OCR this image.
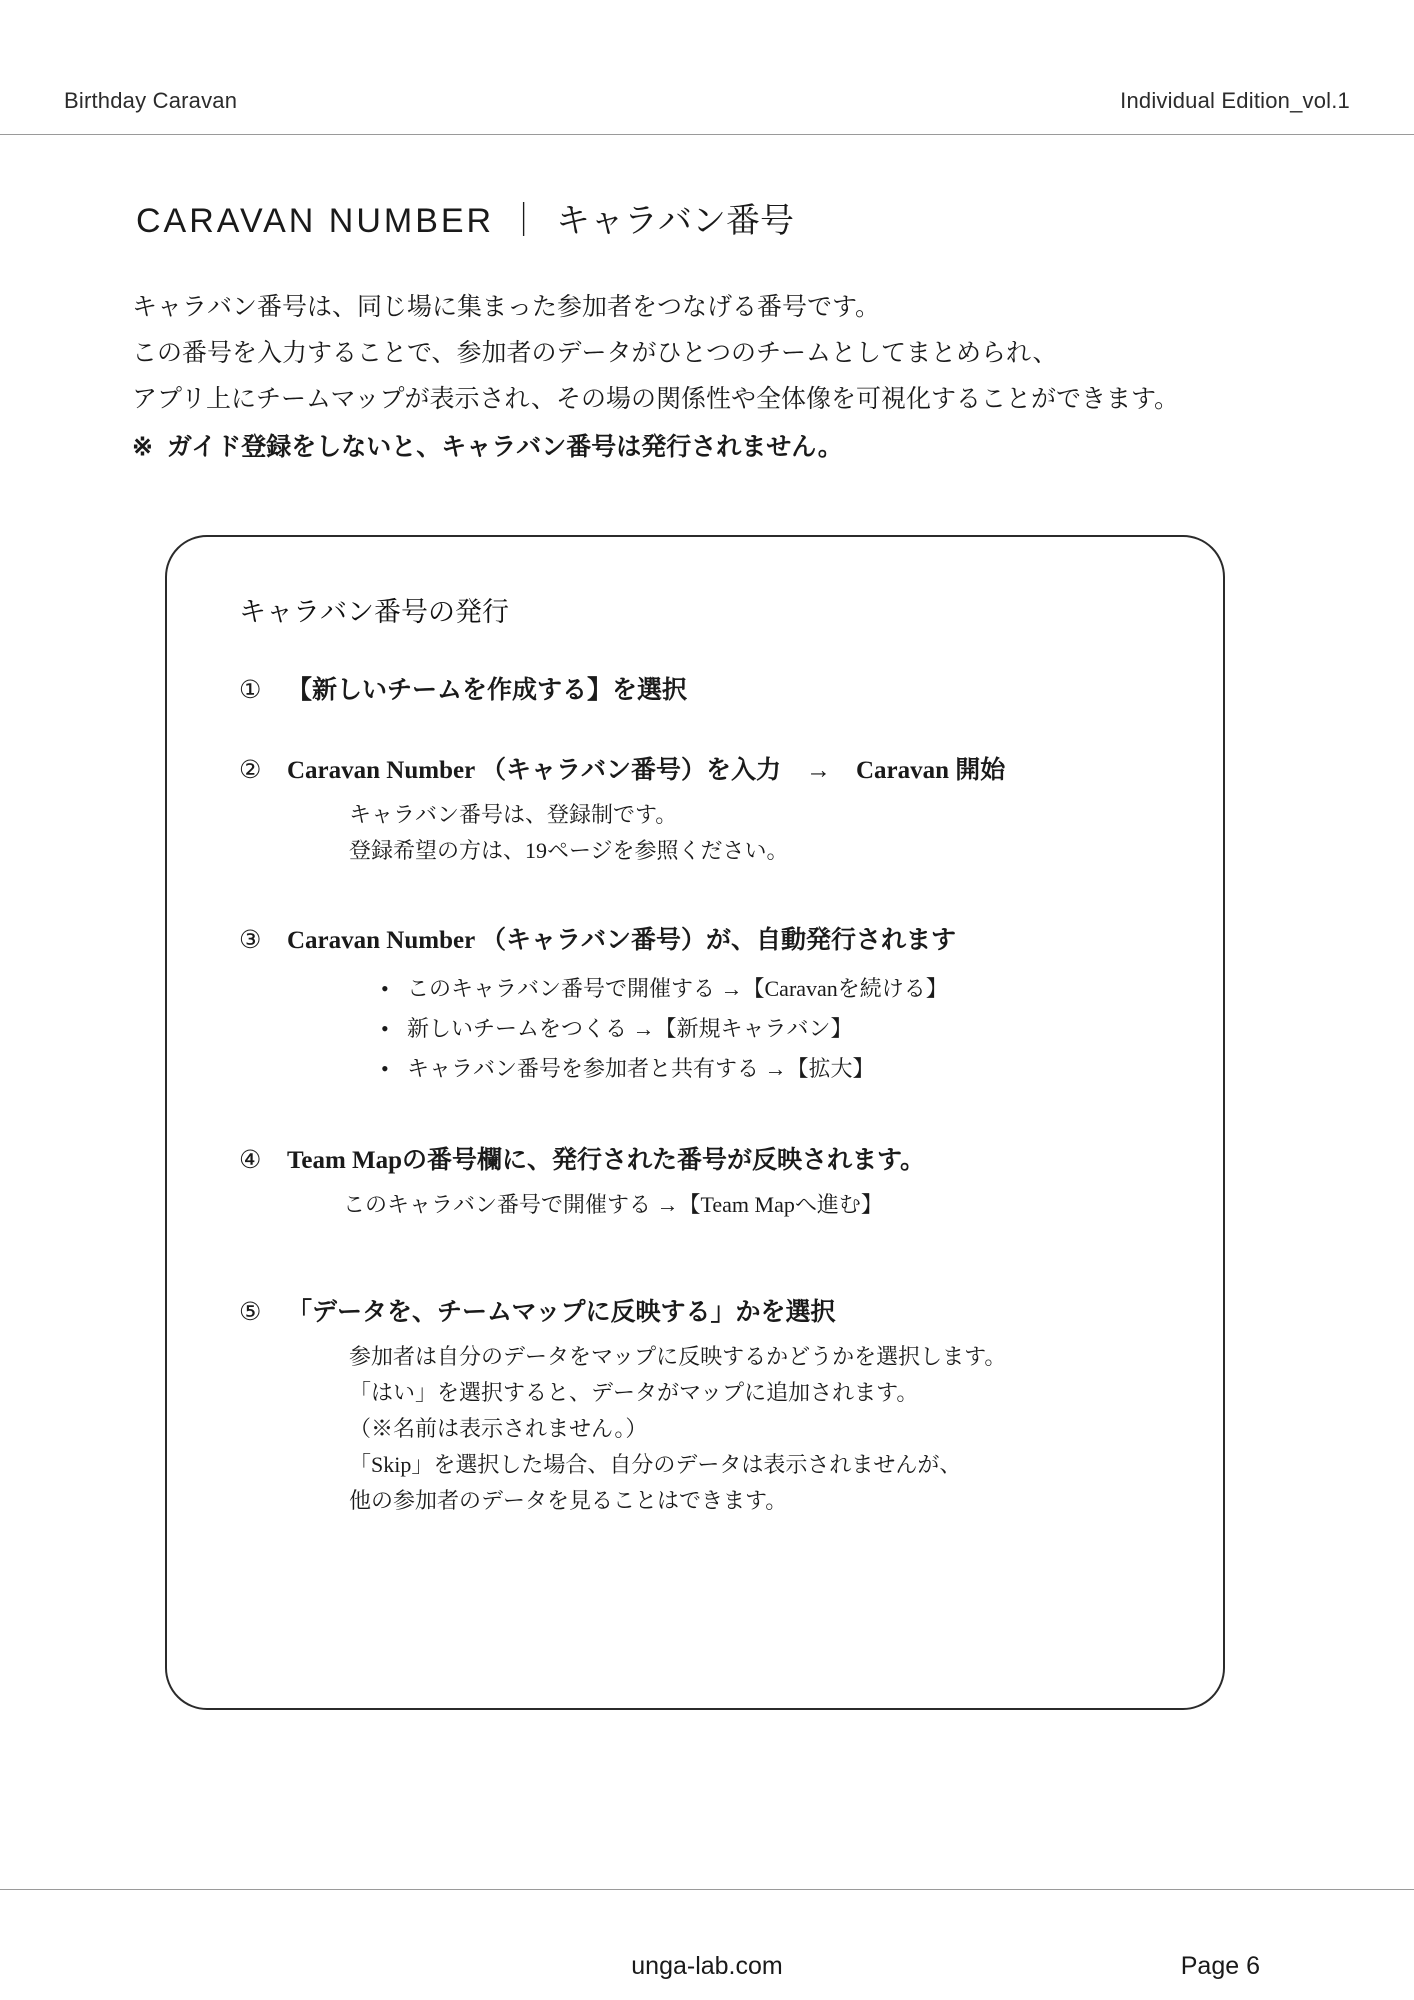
Birthday Caravan	Individual Edition_vol.1
CARAVAN NUMBER ｜ キャラバン番号
キャラバン番号は、同じ場に集まった参加者をつなげる番号です。
この番号を入力することで、参加者のデータがひとつのチームとしてまとめられ、
アプリ上にチームマップが表示され、その場の関係性や全体像を可視化することができます。
※ ガイド登録をしないと、キャラバン番号は発行されません。
キャラバン番号の発行
①	【新しいチームを作成する】を選択
②	Caravan Number （キャラバン番号）を入力　→　Caravan 開始
キャラバン番号は、登録制です。
登録希望の方は、19ページを参照ください。
③	Caravan Number （キャラバン番号）が、自動発行されます
• このキャラバン番号で開催する →【Caravanを続ける】
• 新しいチームをつくる →【新規キャラバン】
• キャラバン番号を参加者と共有する →【拡大】
④	Team Mapの番号欄に、発行された番号が反映されます。
このキャラバン番号で開催する →【Team Mapへ進む】
⑤	「データを、チームマップに反映する」かを選択
参加者は自分のデータをマップに反映するかどうかを選択します。
「はい」を選択すると、データがマップに追加されます。
（※名前は表示されません。）
「Skip」を選択した場合、自分のデータは表示されませんが、
他の参加者のデータを見ることはできます。
unga-lab.com	Page 6
